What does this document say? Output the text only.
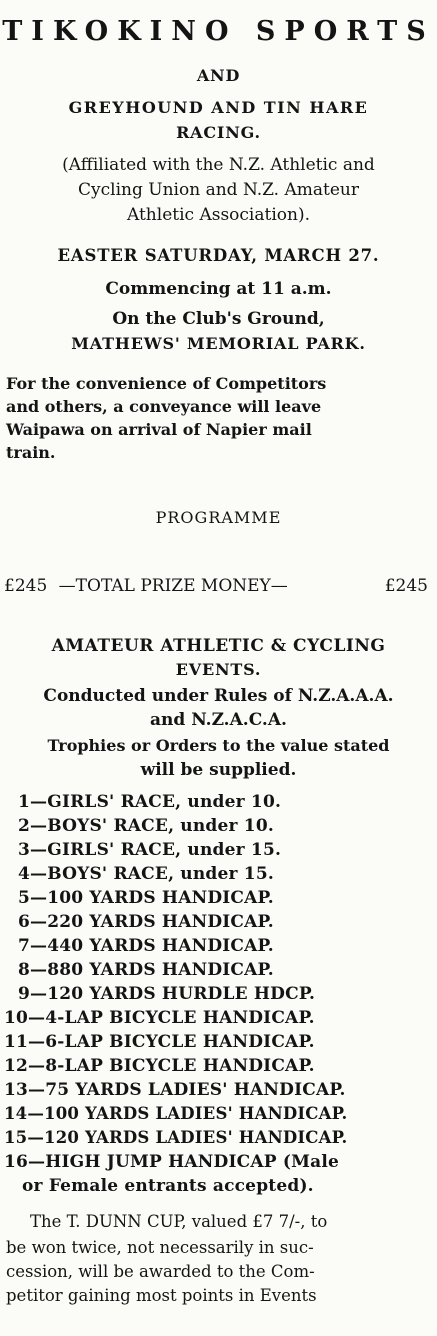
TIKOKINO SPORTS
AND
GREYHOUND AND TIN HARE
RACING.
(Affiliated with the N.Z. Athletic and
Cycling Union and N.Z. Amateur
Athletic Association).
EASTER SATURDAY, MARCH 27.
Commencing at 11 a.m.
On the Club's Ground,
MATHEWS' MEMORIAL PARK.
For the convenience of Competitors
and others, a conveyance will leave
Waipawa on arrival of Napier mail
train.
PROGRAMME
£245 —TOTAL PRIZE MONEY—	£245
AMATEUR ATHLETIC & CYCLING
EVENTS.
Conducted under Rules of N.Z.A.A.A.
and N.Z.A.C.A.
Trophies or Orders to the value stated
will be supplied.
1—GIRLS' RACE, under 10.
2—BOYS' RACE, under 10.
3—GIRLS' RACE, under 15.
4—BOYS' RACE, under 15.
5—100 YARDS HANDICAP.
6—220 YARDS HANDICAP.
7—440 YARDS HANDICAP.
8—880 YARDS HANDICAP.
9—120 YARDS HURDLE HDCP.
10—4-LAP BICYCLE HANDICAP.
11—6-LAP BICYCLE HANDICAP.
12—8-LAP BICYCLE HANDICAP.
13—75 YARDS LADIES' HANDICAP.
14—100 YARDS LADIES' HANDICAP.
15—120 YARDS LADIES' HANDICAP.
16—HIGH JUMP HANDICAP (Male
or Female entrants accepted).
The T. DUNN CUP, valued £7 7/-, to
be won twice, not necessarily in suc-
cession, will be awarded to the Com-
petitor gaining most points in Events
